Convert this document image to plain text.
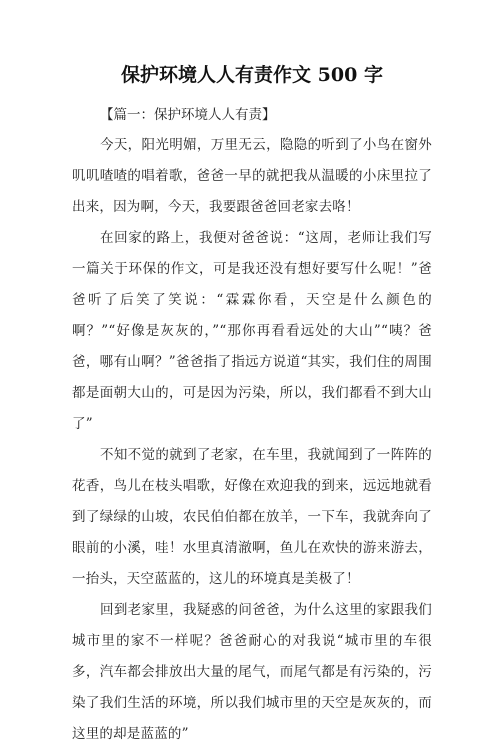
保护环境人人有责作文 500 字
【篇一：保护环境人人有责】

今天，阳光明媚，万里无云，隐隐的听到了小鸟在窗外叽叽喳喳的唱着歌，爸爸一早的就把我从温暖的小床里拉了出来，因为啊，今天，我要跟爸爸回老家去咯！

在回家的路上，我便对爸爸说：“这周，老师让我们写一篇关于环保的作文，可是我还没有想好要写什么呢！”爸爸听了后笑了笑说：“霖霖你看，天空是什么颜色的啊？”“好像是灰灰的，”“那你再看看远处的大山”“咦？爸爸，哪有山啊？”爸爸指了指远方说道“其实，我们住的周围都是面朝大山的，可是因为污染，所以，我们都看不到大山了”

不知不觉的就到了老家，在车里，我就闻到了一阵阵的花香，鸟儿在枝头唱歌，好像在欢迎我的到来，远远地就看到了绿绿的山坡，农民伯伯都在放羊，一下车，我就奔向了眼前的小溪，哇！水里真清澈啊，鱼儿在欢快的游来游去，一抬头，天空蓝蓝的，这儿的环境真是美极了！

回到老家里，我疑惑的问爸爸，为什么这里的家跟我们城市里的家不一样呢？爸爸耐心的对我说“城市里的车很多，汽车都会排放出大量的尾气，而尾气都是有污染的，污染了我们生活的环境，所以我们城市里的天空是灰灰的，而这里的却是蓝蓝的”
